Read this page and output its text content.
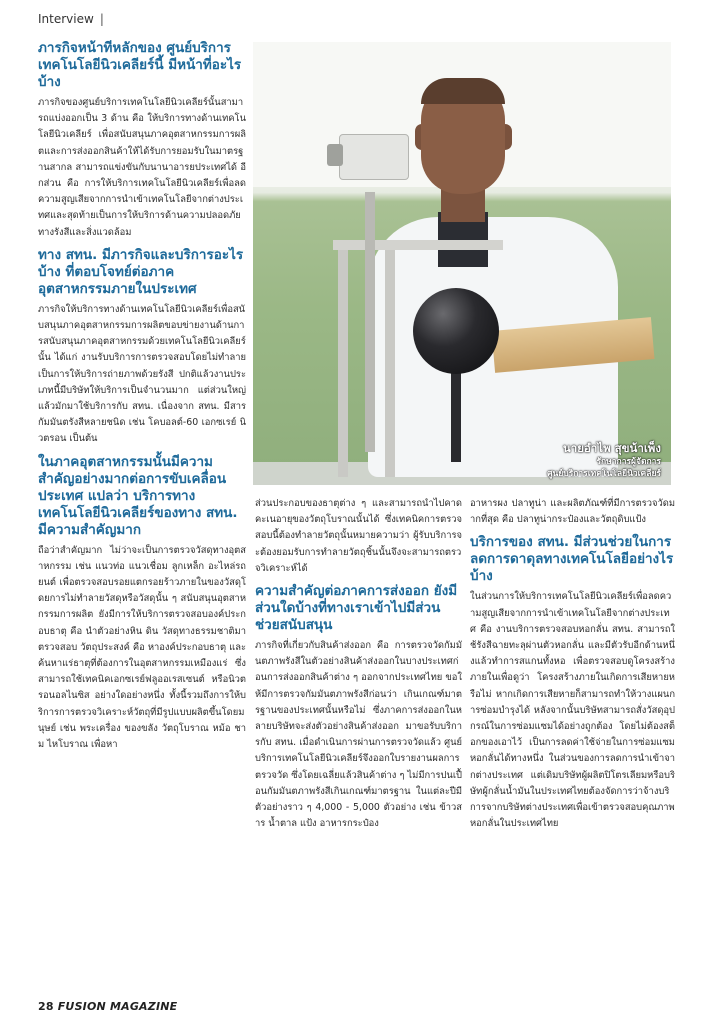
Interview |
ภารกิจหน้าที่หลักของ ศูนย์บริการเทคโนโลยีนิวเคลียร์นี้ มีหน้าที่อะไรบ้าง

ภารกิจของศูนย์บริการเทคโนโลยีนิวเคลียร์นั้นสามารถแบ่งออกเป็น 3 ด้าน คือ ให้บริการทางด้านเทคโนโลยีนิวเคลียร์ เพื่อสนับสนุนภาคอุตสาหกรรมการผลิตและการส่งออกสินค้าให้ได้รับการยอมรับในมาตรฐานสากล สามารถแข่งขันกับนานาอารยประเทศได้ อีกส่วน คือ การให้บริการเทคโนโลยีนิวเคลียร์เพื่อลดความสูญเสียจากการนำเข้าเทคโนโลยีจากต่างประเทศและสุดท้ายเป็นการให้บริการด้านความปลอดภัยทางรังสีและสิ่งแวดล้อม

ทาง สทน. มีภารกิจและบริการอะไรบ้าง ที่ตอบโจทย์ต่อภาคอุตสาหกรรมภายในประเทศ

ภารกิจให้บริการทางด้านเทคโนโลยีนิวเคลียร์เพื่อสนับสนุนภาคอุตสาหกรรมการผลิตขอบข่ายงานด้านการสนับสนุนภาคอุตสาหกรรมด้วยเทคโนโลยีนิวเคลียร์นั้น ได้แก่ งานรับบริการการตรวจสอบโดยไม่ทำลาย เป็นการให้บริการถ่ายภาพด้วยรังสี ปกติแล้วงานประเภทนี้มีบริษัทให้บริการเป็นจำนวนมาก แต่ส่วนใหญ่แล้วมักมาใช้บริการกับ สทน. เนื่องจาก สทน. มีสารกัมมันตรังสีหลายชนิด เช่น โคบอลต์-60 เอกซเรย์ นิวตรอน เป็นต้น

ในภาคอุตสาหกรรมนั้นมีความสำคัญอย่างมากต่อการขับเคลื่อนประเทศ แปลว่า บริการทางเทคโนโลยีนิวเคลียร์ของทาง สทน. มีความสำคัญมาก

ถือว่าสำคัญมาก ไม่ว่าจะเป็นการตรวจวัสดุทางอุตสาหกรรม เช่น แนวท่อ แนวเชื่อม ลูกเหล็ก อะไหล่รถยนต์ เพื่อตรวจสอบรอยแตกรอยร้าวภายในของวัสดุโดยการไม่ทำลายวัสดุหรือวัสดุนั้น ๆ สนับสนุนอุตสาหกรรมการผลิต ยังมีการให้บริการตรวจสอบองค์ประกอบธาตุ คือ นำตัวอย่างหิน ดิน วัสดุทางธรรมชาติมาตรวจสอบ วัตถุประสงค์ คือ หาองค์ประกอบธาตุ และค้นหาแร่ธาตุที่ต้องการในอุตสาหกรรมเหมืองแร่ ซึ่งสามารถใช้เทคนิคเอกซเรย์ฟลูออเรสเซนต์ หรือนิวตรอนอลไนซิส อย่างใดอย่างหนึ่ง ทั้งนี้รวมถึงการให้บริการการตรวจวิเคราะห์วัตถุที่มีรูปแบบผลิตขึ้นโดยมนุษย์ เช่น พระเครื่อง ของขลัง วัตถุโบราณ หม้อ ชาม ไหโบราณ เพื่อหา

นายอำไพ สุขน้าเพ็ง
รักษาการผู้จัดการ
ศูนย์บริการเทคโนโลยีนิวเคลียร์

ส่วนประกอบของธาตุต่าง ๆ และสามารถนำไปคาดคะเนอายุของวัตถุโบราณนั้นได้ ซึ่งเทคนิคการตรวจสอบนี้ต้องทำลายวัตถุนั้นหมายความว่า ผู้รับบริการจะต้องยอมรับการทำลายวัตถุชิ้นนั้นจึงจะสามารถตรวจวิเคราะห์ได้

ความสำคัญต่อภาคการส่งออก ยังมีส่วนใดบ้างที่ทางเราเข้าไปมีส่วนช่วยสนับสนุน

ภารกิจที่เกี่ยวกับสินค้าส่งออก คือ การตรวจวัดกัมมันตภาพรังสีในตัวอย่างสินค้าส่งออกในบางประเทศก่อนการส่งออกสินค้าต่าง ๆ ออกจากประเทศไทย ขอให้มีการตรวจกัมมันตภาพรังสีก่อนว่า เกินเกณฑ์มาตรฐานของประเทศนั้นหรือไม่ ซึ่งภาคการส่งออกในหลายบริษัทจะส่งตัวอย่างสินค้าส่งออก มาขอรับบริการกับ สทน. เมื่อดำเนินการผ่านการตรวจวัดแล้ว ศูนย์บริการเทคโนโลยีนิวเคลียร์จึงออกใบรายงานผลการตรวจวัด ซึ่งโดยเฉลี่ยแล้วสินค้าต่าง ๆ ไม่มีการปนเปื้อนกัมมันตภาพรังสีเกินเกณฑ์มาตรฐาน ในแต่ละปีมีตัวอย่างราว ๆ 4,000 - 5,000 ตัวอย่าง เช่น ข้าวสาร น้ำตาล แป้ง อาหารกระป๋อง

อาหารผง ปลาทูน่า และผลิตภัณฑ์ที่มีการตรวจวัดมากที่สุด คือ ปลาทูน่ากระป๋องและวัตถุดิบแป้ง

บริการของ สทน. มีส่วนช่วยในการลดการดาดุลทางเทคโนโลยีอย่างไรบ้าง

ในส่วนการให้บริการเทคโนโลยีนิวเคลียร์เพื่อลดความสูญเสียจากการนำเข้าเทคโนโลยีจากต่างประเทศ คือ งานบริการตรวจสอบหอกลั่น สทน. สามารถใช้รังสีฉายทะลุผ่านตัวหอกลั่น และมีตัวรับอีกด้านหนึ่งแล้วทำการสแกนทั้งหอ เพื่อตรวจสอบดูโครงสร้างภายในเพื่อดูว่า โครงสร้างภายในเกิดการเสียหายหรือไม่ หากเกิดการเสียหายก็สามารถทำให้วางแผนการซ่อมบำรุงได้ หลังจากนั้นบริษัทสามารถสั่งวัสดุอุปกรณ์ในการซ่อมแซมได้อย่างถูกต้อง โดยไม่ต้องสต็อกของเอาไว้ เป็นการลดค่าใช้จ่ายในการซ่อมแซมหอกลั่นได้ทางหนึ่ง ในส่วนของการลดการนำเข้าจากต่างประเทศ แต่เดิมบริษัทผู้ผลิตปิโตรเลียมหรือบริษัทผู้กลั่นน้ำมันในประเทศไทยต้องจัดการว่าจ้างบริการจากบริษัทต่างประเทศเพื่อเข้าตรวจสอบคุณภาพหอกลั่นในประเทศไทย

28 FUSION MAGAZINE
